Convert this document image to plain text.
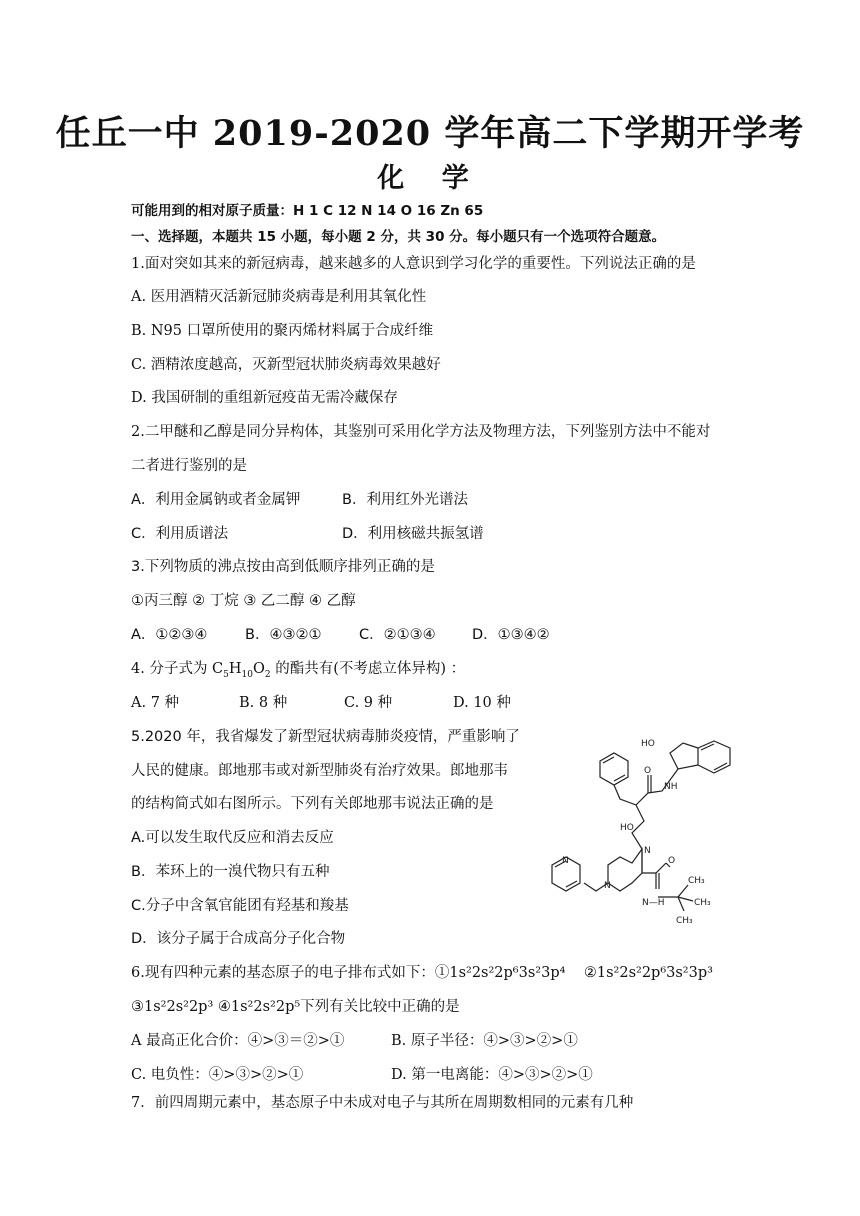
任丘一中 2019-2020 学年高二下学期开学考
化 学
可能用到的相对原子质量：H 1 C 12 N 14 O 16 Zn 65
一、选择题，本题共 15 小题，每小题 2 分，共 30 分。每小题只有一个选项符合题意。
1.面对突如其来的新冠病毒，越来越多的人意识到学习化学的重要性。下列说法正确的是
A. 医用酒精灭活新冠肺炎病毒是利用其氧化性
B. N95 口罩所使用的聚丙烯材料属于合成纤维
C. 酒精浓度越高，灭新型冠状肺炎病毒效果越好
D. 我国研制的重组新冠疫苗无需冷藏保存
2.二甲醚和乙醇是同分异构体，其鉴别可采用化学方法及物理方法，下列鉴别方法中不能对
二者进行鉴别的是
A．利用金属钠或者金属钾	B．利用红外光谱法
C．利用质谱法	D．利用核磁共振氢谱
3.下列物质的沸点按由高到低顺序排列正确的是
①丙三醇 ② 丁烷 ③ 乙二醇 ④ 乙醇
A．①②③④	B．④③②①	C．②①③④	D．①③④②
4. 分子式为 $C_5H_{10}O_2$ 的酯共有(不考虑立体异构) ：
A. 7 种	B. 8 种	C. 9 种	D. 10 种
5.2020 年，我省爆发了新型冠状病毒肺炎疫情，严重影响了
人民的健康。郎地那韦或对新型肺炎有治疗效果。郎地那韦
的结构简式如右图所示。下列有关郎地那韦说法正确的是
A.可以发生取代反应和消去反应
B．苯环上的一溴代物只有五种
C.分子中含氧官能团有羟基和羧基
D．该分子属于合成高分子化合物
HO
O
NH
HO
N
N
N
O
N—H
CH₃
CH₃
CH₃
6.现有四种元素的基态原子的电子排布式如下：①1s²2s²2p⁶3s²3p⁴ ②1s²2s²2p⁶3s²3p³
③1s²2s²2p³ ④1s²2s²2p⁵下列有关比较中正确的是
A 最高正化合价：④>③＝②>①	B. 原子半径：④>③>②>①
C. 电负性：④>③>②>①	D. 第一电离能：④>③>②>①
7．前四周期元素中，基态原子中未成对电子与其所在周期数相同的元素有几种
